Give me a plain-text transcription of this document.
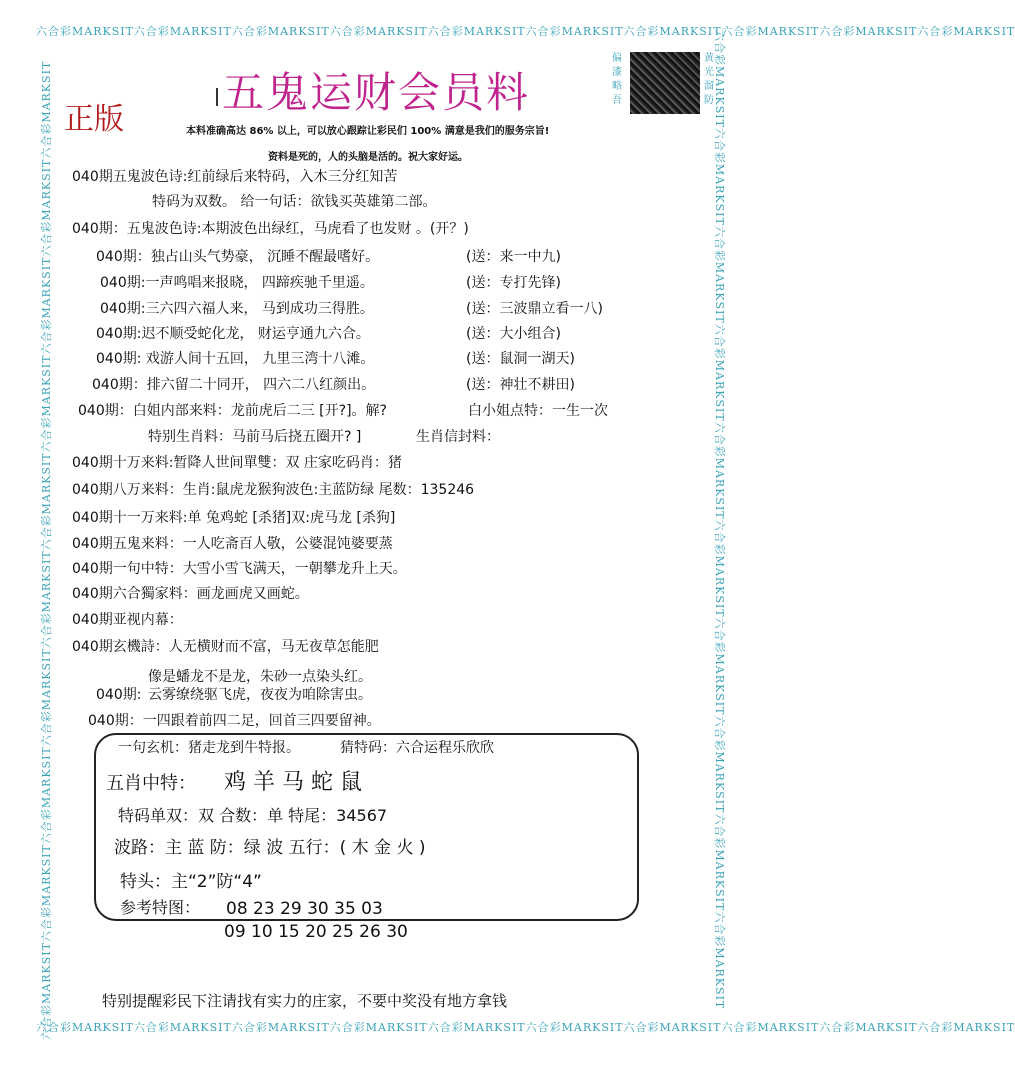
六合彩MARKSIT六合彩MARKSIT六合彩MARKSIT六合彩MARKSIT六合彩MARKSIT六合彩MARKSIT六合彩MARKSIT六合彩MARKSIT六合彩MARKSIT六合彩MARKSIT
六合彩MARKSIT六合彩MARKSIT六合彩MARKSIT六合彩MARKSIT六合彩MARKSIT六合彩MARKSIT六合彩MARKSIT六合彩MARKSIT六合彩MARKSIT六合彩MARKSIT
六合彩MARKSIT六合彩MARKSIT六合彩MARKSIT六合彩MARKSIT六合彩MARKSIT六合彩MARKSIT六合彩MARKSIT六合彩MARKSIT六合彩MARKSIT六合彩MARKSIT	六合彩MARKSIT六合彩MARKSIT六合彩MARKSIT六合彩MARKSIT六合彩MARKSIT六合彩MARKSIT六合彩MARKSIT六合彩MARKSIT六合彩MARKSIT六合彩MARKSIT
五鬼运财会员料
正版
偏
漆
略
吾
黄
光
溜
防
本料准确高达 86% 以上，可以放心跟踪让彩民们 100% 满意是我们的服务宗旨!
资料是死的，人的头脑是活的。祝大家好运。
040期五鬼波色诗:红前绿后来特码，入木三分红知苦
特码为双数。 给一句话：欲钱买英雄第二部。
040期：五鬼波色诗:本期波色出绿红，马虎看了也发财 。(开？)
040期：独占山头气势豪， 沉睡不醒最嗜好。	(送：来一中九)
040期:一声鸣唱来报晓， 四蹄疾驰千里遥。	(送：专打先锋)
040期:三六四六福人来， 马到成功三得胜。	(送：三波鼎立看一八)
040期:迟不顺受蛇化龙， 财运亨通九六合。	(送：大小组合)
040期: 戏游人间十五回， 九里三湾十八滩。	(送：鼠洞一湖天)
040期：排六留二十同开， 四六二八红颜出。	(送：神壮不耕田)
040期：白姐内部来料：龙前虎后二三 [开?]。解?	白小姐点特：一生一次
特别生肖料：马前马后挠五圈开? ]	生肖信封料：
040期十万来料:暂降人世间單雙：双 庄家吃码肖：猪
040期八万来料：生肖:鼠虎龙猴狗波色:主蓝防绿 尾数：135246
040期十一万来料:单 兔鸡蛇 [杀猪]双:虎马龙 [杀狗]
040期五鬼来料：一人吃斋百人敬，公婆混饨婆要蒸
040期一句中特：大雪小雪飞满天，一朝攀龙升上天。
040期六合獨家料：画龙画虎又画蛇。
040期亚视内幕：
040期玄機詩：人无横财而不富，马无夜草怎能肥
像是蟠龙不是龙，朱砂一点染头红。
040期: 云雾缭绕驱飞虎，夜夜为咱除害虫。
040期：一四跟着前四二足，回首三四要留神。
一句玄机：猪走龙到牛特报。	猜特码：六合运程乐欣欣
五肖中特： 鸡 羊 马 蛇 鼠
特码单双：双 合数：单 特尾：34567
波路：主 蓝 防：绿 波 五行：( 木 金 火 )
特头：主“2”防“4”
参考特图： 08 23 29 30 35 03
09 10 15 20 25 26 30
特别提醒彩民下注请找有实力的庄家，不要中奖没有地方拿钱
